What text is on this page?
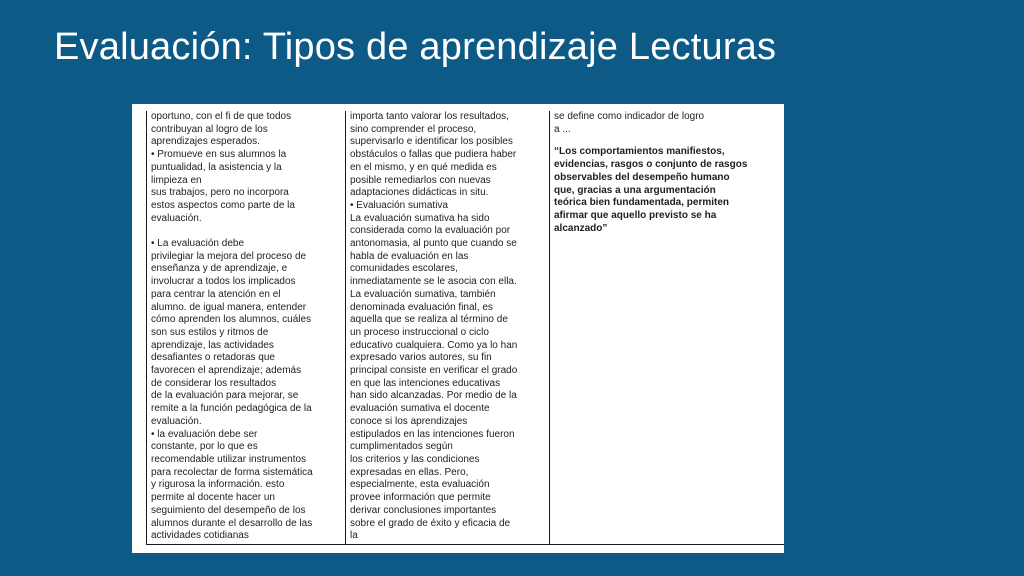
Evaluación: Tipos de aprendizaje Lecturas

oportuno, con el fi de que todos
contribuyan al logro de los
aprendizajes esperados.
• Promueve en sus alumnos la
puntualidad, la asistencia y la
limpieza en
sus trabajos, pero no incorpora
estos aspectos como parte de la
evaluación.

• La evaluación debe
privilegiar la mejora del proceso de
enseñanza y de aprendizaje, e
involucrar a todos los implicados
para centrar la atención en el
alumno. de igual manera, entender
cómo aprenden los alumnos, cuáles
son sus estilos y ritmos de
aprendizaje, las actividades
desafiantes o retadoras que
favorecen el aprendizaje; además
de considerar los resultados
de la evaluación para mejorar, se
remite a la función pedagógica de la
evaluación.
• la evaluación debe ser
constante, por lo que es
recomendable utilizar instrumentos
para recolectar de forma sistemática
y rigurosa la información. esto
permite al docente hacer un
seguimiento del desempeño de los
alumnos durante el desarrollo de las
actividades cotidianas

importa tanto valorar los resultados,
sino comprender el proceso,
supervisarlo e identificar los posibles
obstáculos o fallas que pudiera haber
en el mismo, y en qué medida es
posible remediarlos con nuevas
adaptaciones didácticas in situ.
• Evaluación sumativa
La evaluación sumativa ha sido
considerada como la evaluación por
antonomasia, al punto que cuando se
habla de evaluación en las
comunidades escolares,
inmediatamente se le asocia con ella.
La evaluación sumativa, también
denominada evaluación final, es
aquella que se realiza al término de
un proceso instruccional o ciclo
educativo cualquiera. Como ya lo han
expresado varios autores, su fin
principal consiste en verificar el grado
en que las intenciones educativas
han sido alcanzadas. Por medio de la
evaluación sumativa el docente
conoce si los aprendizajes
estipulados en las intenciones fueron
cumplimentados según
los criterios y las condiciones
expresadas en ellas. Pero,
especialmente, esta evaluación
provee información que permite
derivar conclusiones importantes
sobre el grado de éxito y eficacia de
la

se define como indicador de logro
a ...

“Los comportamientos manifiestos,
evidencias, rasgos o conjunto de rasgos
observables del desempeño humano
que, gracias a una argumentación
teórica bien fundamentada, permiten
afirmar que aquello previsto se ha
alcanzado”
